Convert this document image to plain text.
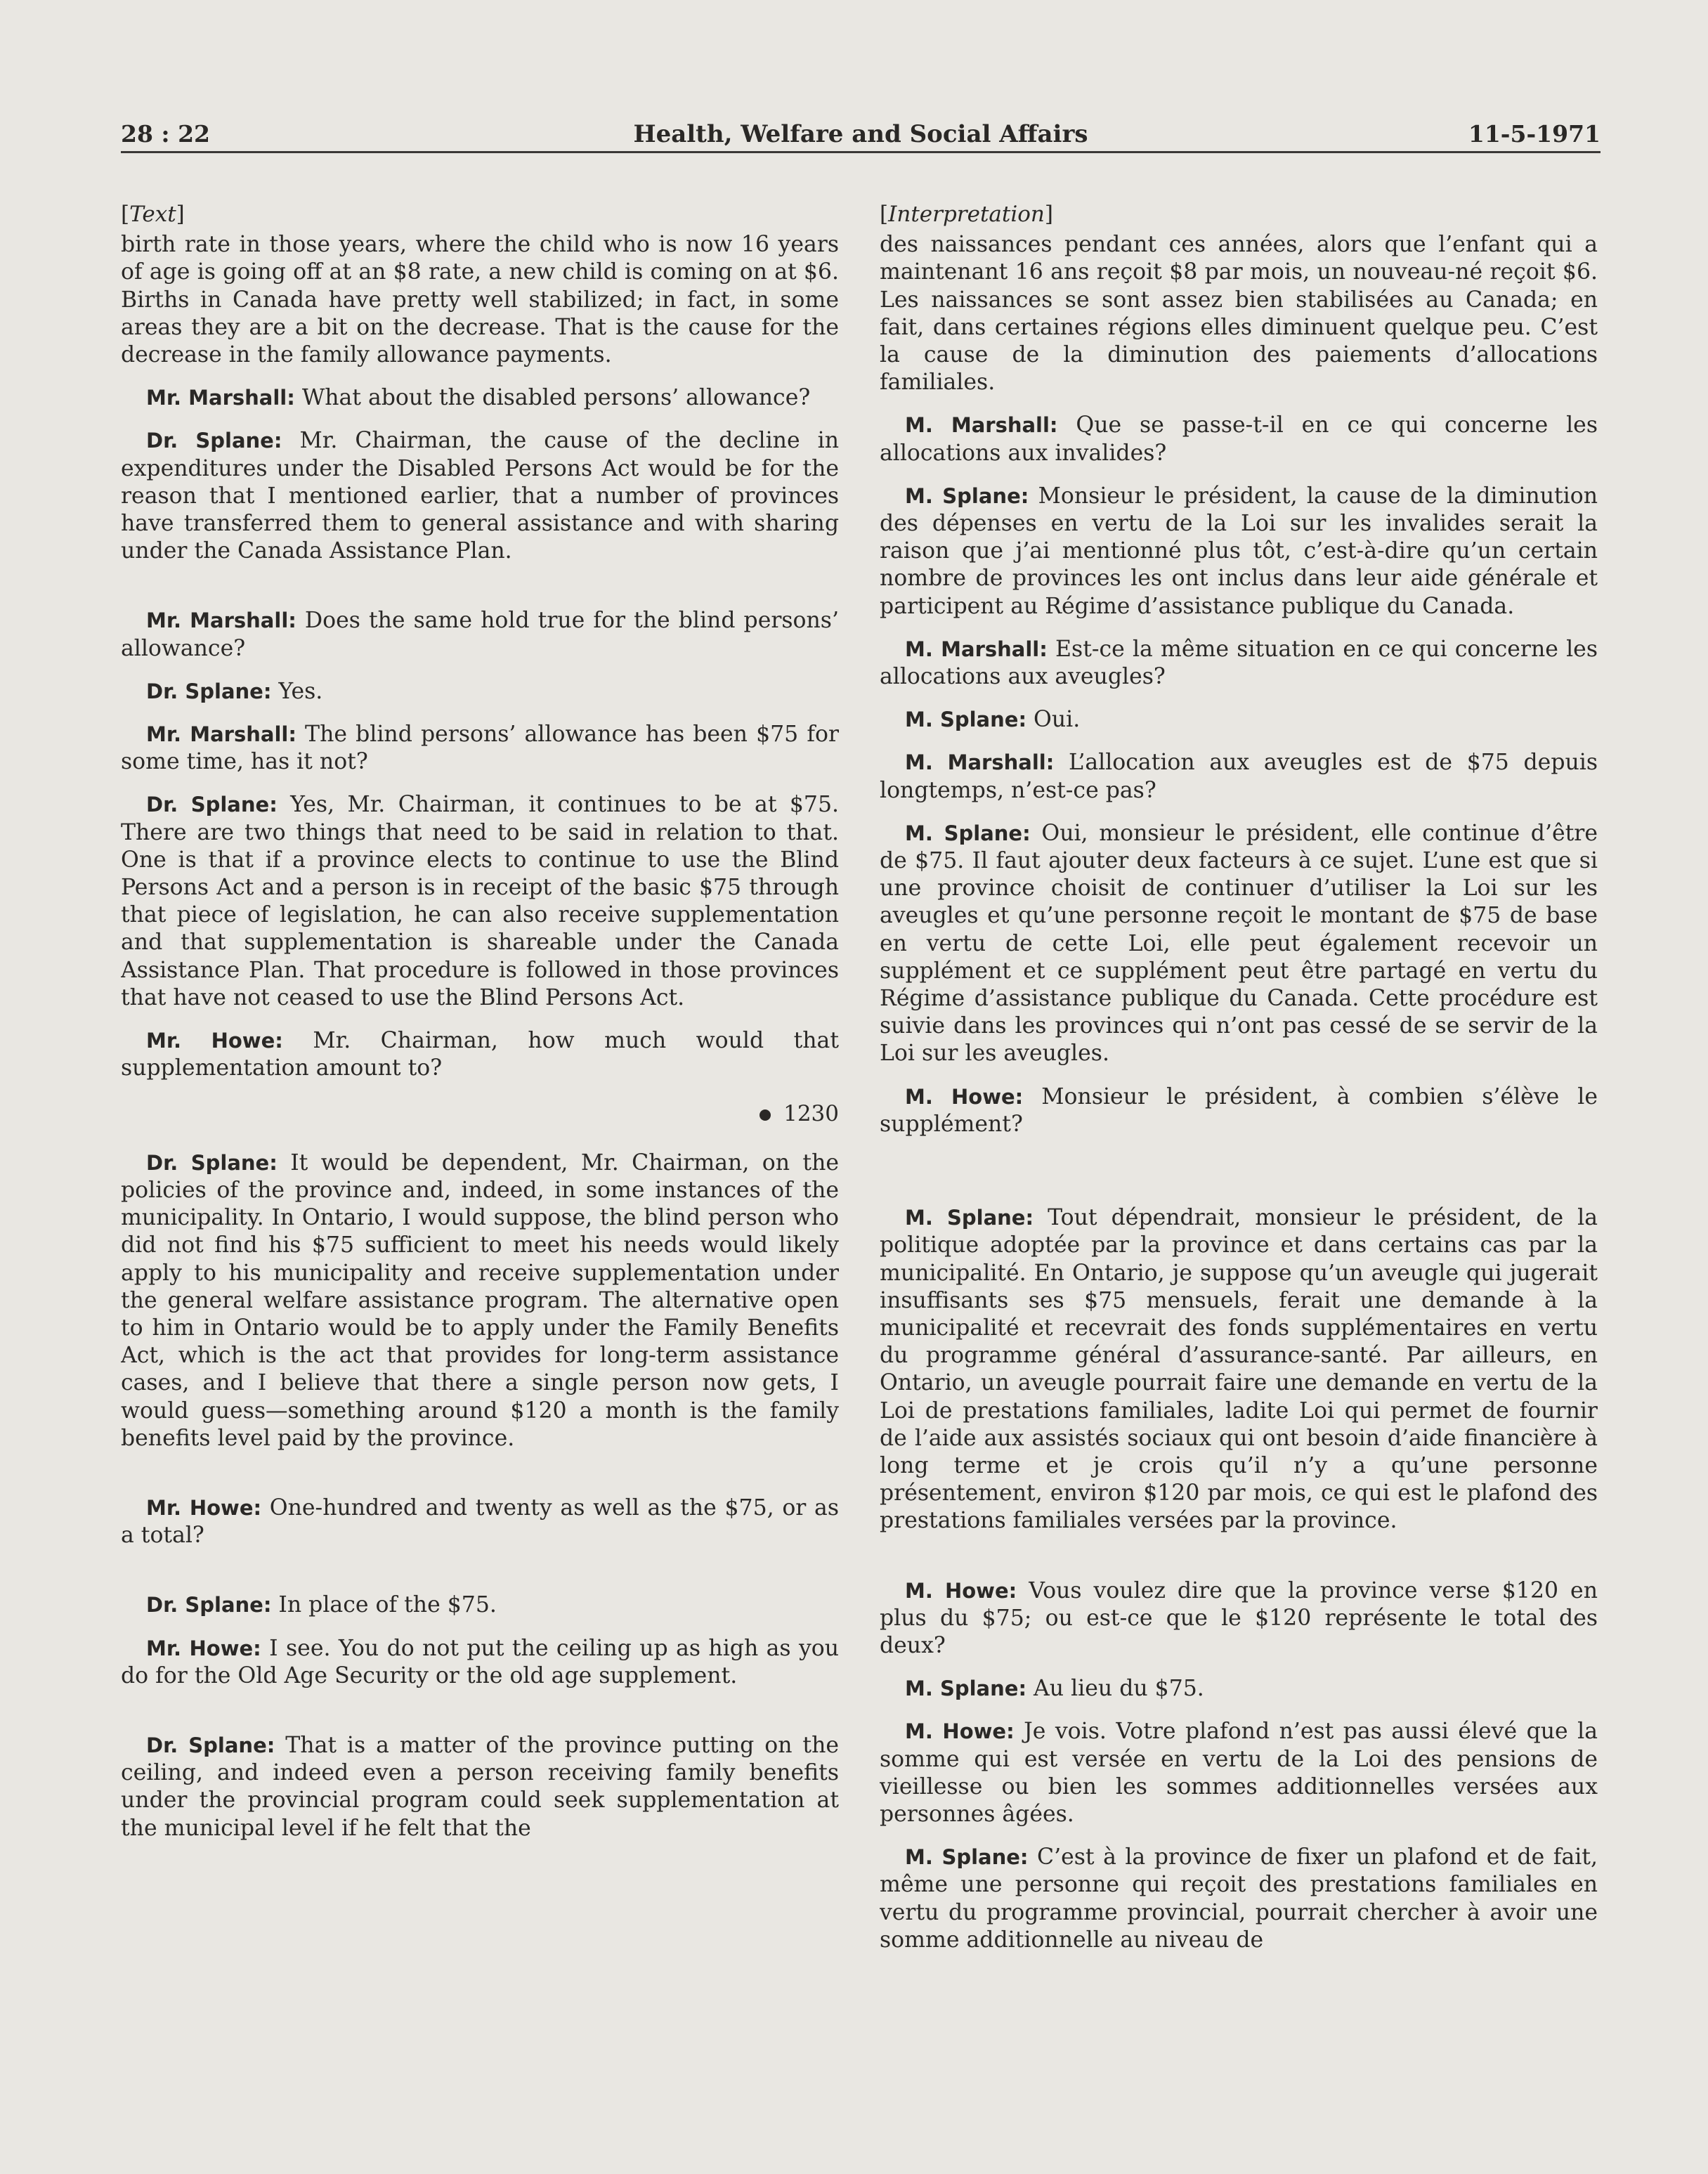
28 : 22	Health, Welfare and Social Affairs	11-5-1971
[Text]

birth rate in those years, where the child who is now 16 years of age is going off at an $8 rate, a new child is coming on at $6. Births in Canada have pretty well stabilized; in fact, in some areas they are a bit on the decrease. That is the cause for the decrease in the family allowance payments.

Mr. Marshall: What about the disabled persons’ allowance?

Dr. Splane: Mr. Chairman, the cause of the decline in expenditures under the Disabled Persons Act would be for the reason that I mentioned earlier, that a number of provinces have transferred them to general assistance and with sharing under the Canada Assistance Plan.

Mr. Marshall: Does the same hold true for the blind persons’ allowance?

Dr. Splane: Yes.

Mr. Marshall: The blind persons’ allowance has been $75 for some time, has it not?

Dr. Splane: Yes, Mr. Chairman, it continues to be at $75. There are two things that need to be said in relation to that. One is that if a province elects to continue to use the Blind Persons Act and a person is in receipt of the basic $75 through that piece of legislation, he can also receive supplementation and that supplementation is shareable under the Canada Assistance Plan. That procedure is followed in those provinces that have not ceased to use the Blind Persons Act.

Mr. Howe: Mr. Chairman, how much would that supplementation amount to?

1230

Dr. Splane: It would be dependent, Mr. Chairman, on the policies of the province and, indeed, in some instances of the municipality. In Ontario, I would suppose, the blind person who did not find his $75 sufficient to meet his needs would likely apply to his municipality and receive supplementation under the general welfare assistance program. The alternative open to him in Ontario would be to apply under the Family Benefits Act, which is the act that provides for long-term assistance cases, and I believe that there a single person now gets, I would guess—something around $120 a month is the family benefits level paid by the province.

Mr. Howe: One-hundred and twenty as well as the $75, or as a total?

Dr. Splane: In place of the $75.

Mr. Howe: I see. You do not put the ceiling up as high as you do for the Old Age Security or the old age supplement.

Dr. Splane: That is a matter of the province putting on the ceiling, and indeed even a person receiving family benefits under the provincial program could seek supplementation at the municipal level if he felt that the

[Interpretation]

des naissances pendant ces années, alors que l’enfant qui a maintenant 16 ans reçoit $8 par mois, un nouveau-né reçoit $6. Les naissances se sont assez bien stabilisées au Canada; en fait, dans certaines régions elles diminuent quelque peu. C’est la cause de la diminution des paiements d’allocations familiales.

M. Marshall: Que se passe-t-il en ce qui concerne les allocations aux invalides?

M. Splane: Monsieur le président, la cause de la diminution des dépenses en vertu de la Loi sur les invalides serait la raison que j’ai mentionné plus tôt, c’est-à-dire qu’un certain nombre de provinces les ont inclus dans leur aide générale et participent au Régime d’assistance publique du Canada.

M. Marshall: Est-ce la même situation en ce qui concerne les allocations aux aveugles?

M. Splane: Oui.

M. Marshall: L’allocation aux aveugles est de $75 depuis longtemps, n’est-ce pas?

M. Splane: Oui, monsieur le président, elle continue d’être de $75. Il faut ajouter deux facteurs à ce sujet. L’une est que si une province choisit de continuer d’utiliser la Loi sur les aveugles et qu’une personne reçoit le montant de $75 de base en vertu de cette Loi, elle peut également recevoir un supplément et ce supplément peut être partagé en vertu du Régime d’assistance publique du Canada. Cette procédure est suivie dans les provinces qui n’ont pas cessé de se servir de la Loi sur les aveugles.

M. Howe: Monsieur le président, à combien s’élève le supplément?

M. Splane: Tout dépendrait, monsieur le président, de la politique adoptée par la province et dans certains cas par la municipalité. En Ontario, je suppose qu’un aveugle qui jugerait insuffisants ses $75 mensuels, ferait une demande à la municipalité et recevrait des fonds supplémentaires en vertu du programme général d’assurance-santé. Par ailleurs, en Ontario, un aveugle pourrait faire une demande en vertu de la Loi de prestations familiales, ladite Loi qui permet de fournir de l’aide aux assistés sociaux qui ont besoin d’aide financière à long terme et je crois qu’il n’y a qu’une personne présentement, environ $120 par mois, ce qui est le plafond des prestations familiales versées par la province.

M. Howe: Vous voulez dire que la province verse $120 en plus du $75; ou est-ce que le $120 représente le total des deux?

M. Splane: Au lieu du $75.

M. Howe: Je vois. Votre plafond n’est pas aussi élevé que la somme qui est versée en vertu de la Loi des pensions de vieillesse ou bien les sommes additionnelles versées aux personnes âgées.

M. Splane: C’est à la province de fixer un plafond et de fait, même une personne qui reçoit des prestations familiales en vertu du programme provincial, pourrait chercher à avoir une somme additionnelle au niveau de
